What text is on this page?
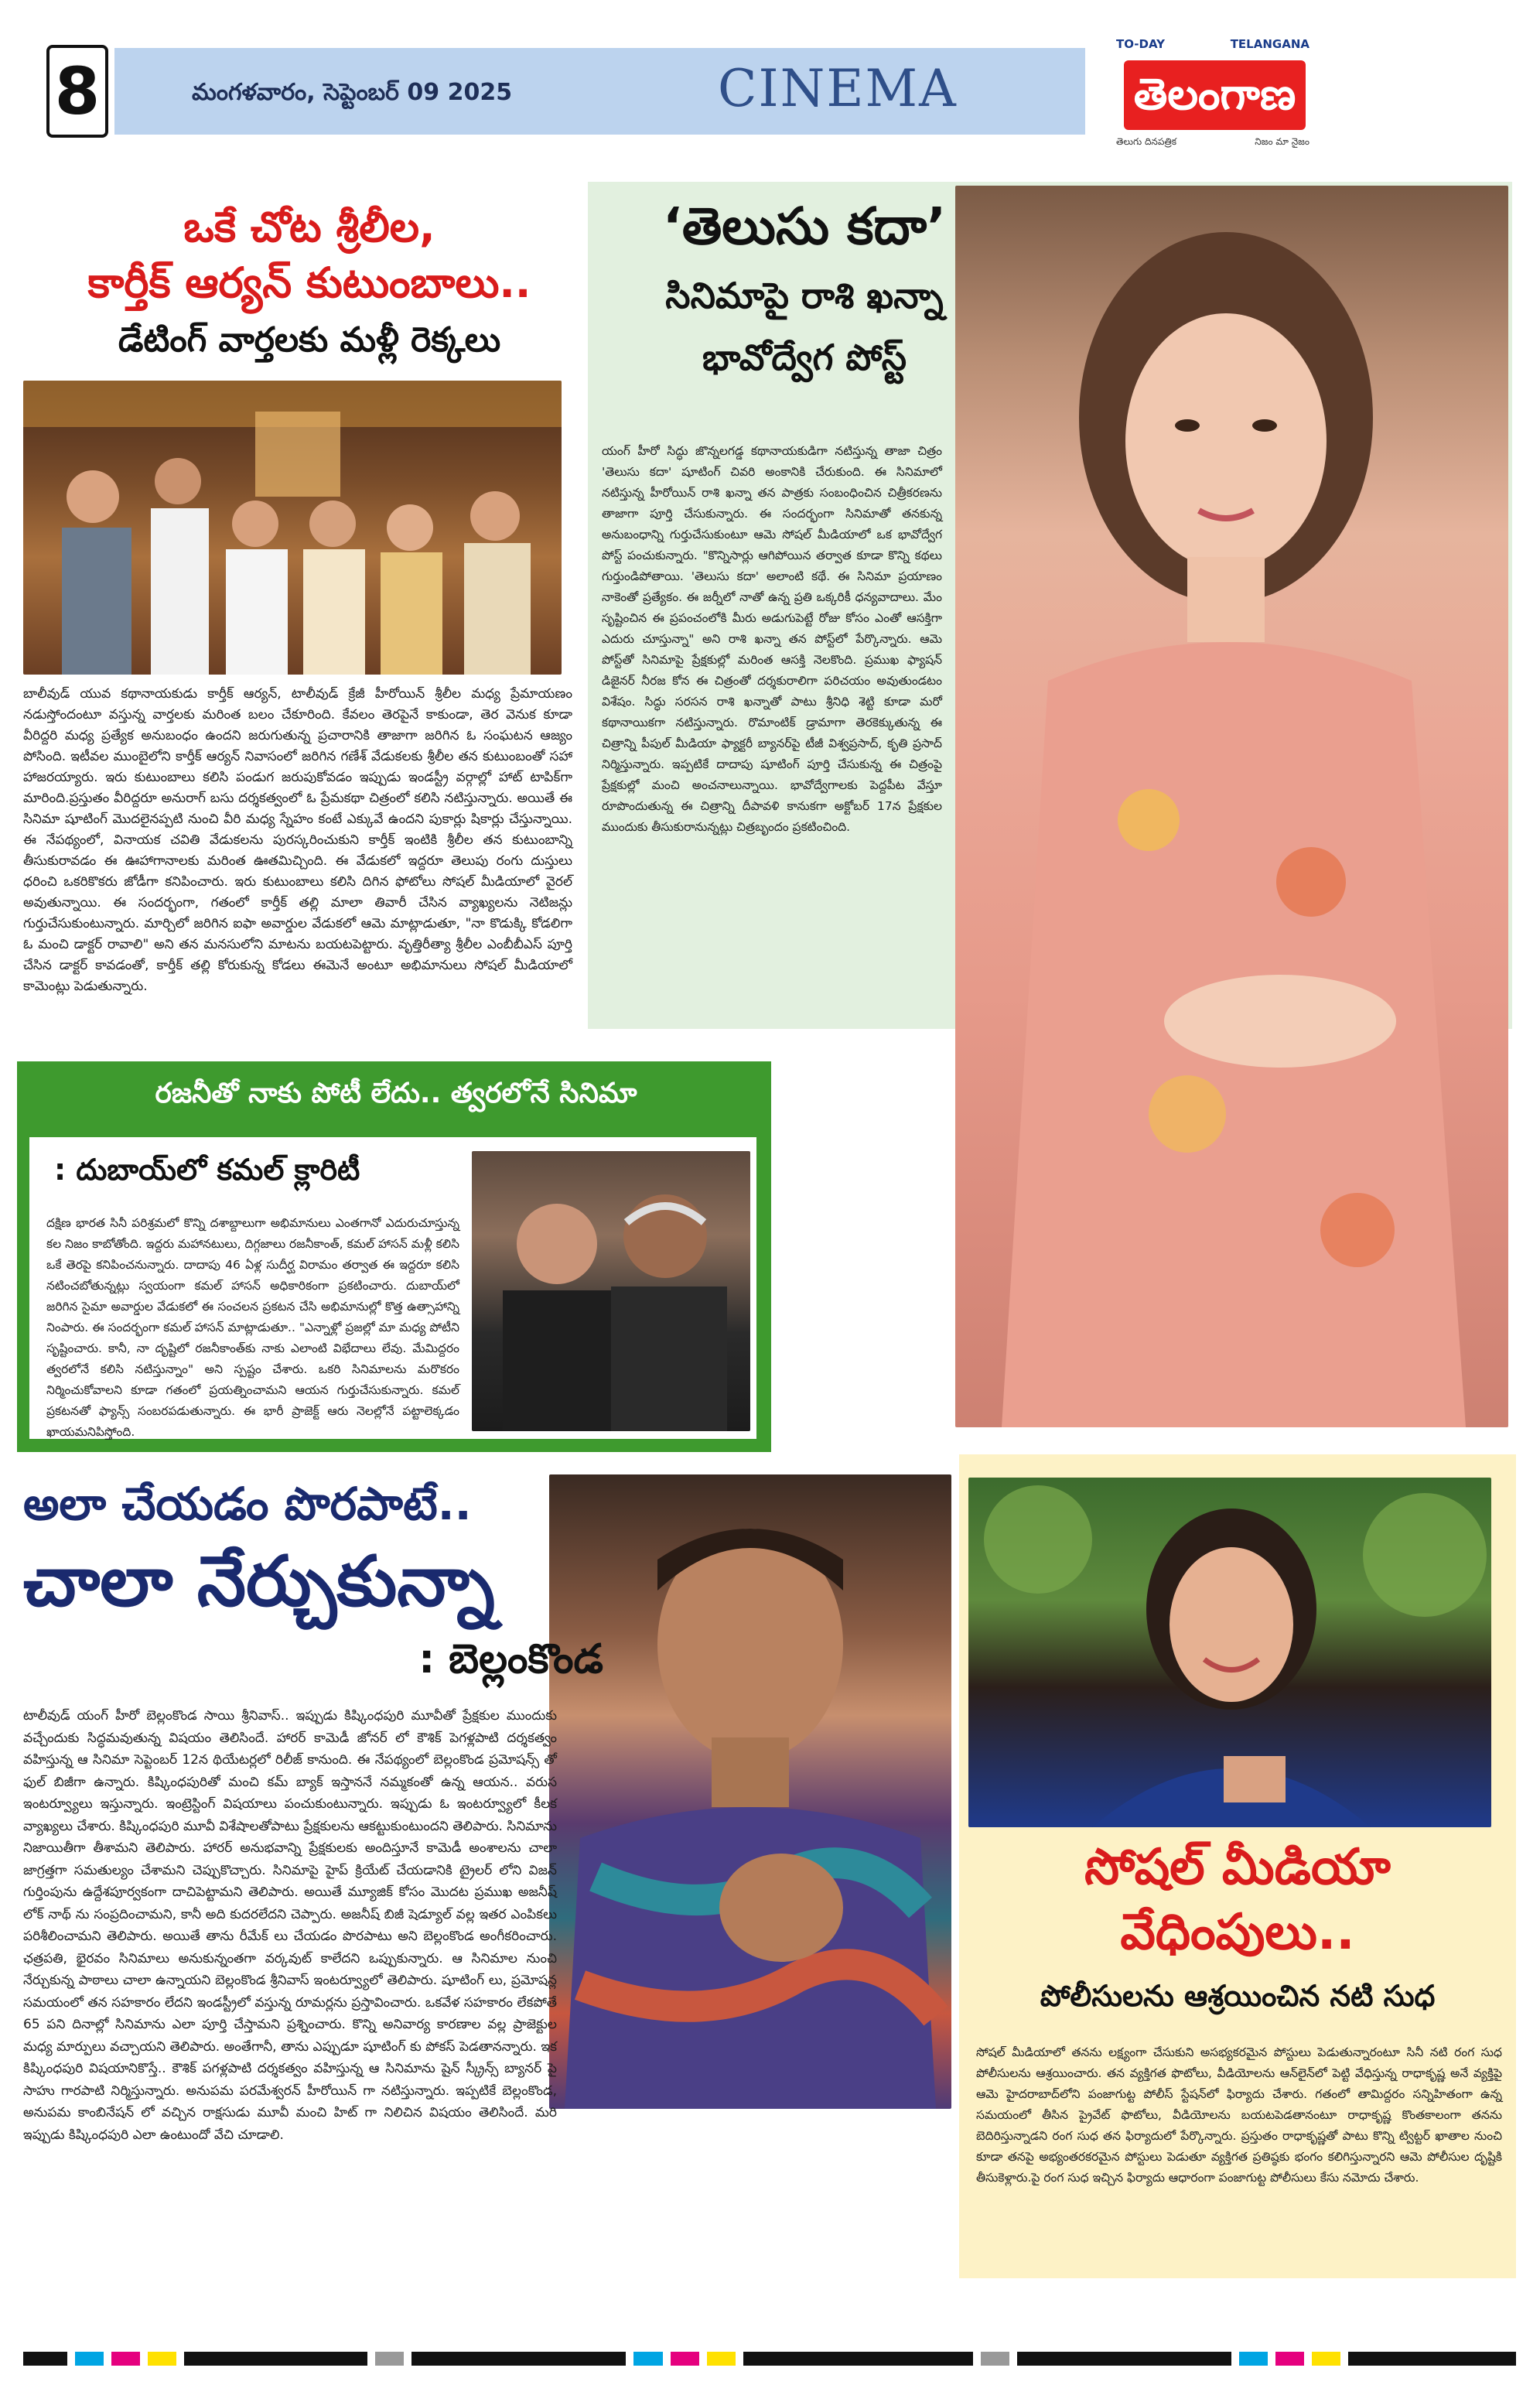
8	మంగళవారం, సెప్టెంబర్ 09 2025	CINEMA
TO-DAY	TELANGANA
తెలంగాణ
తెలుగు దినపత్రిక	నిజం మా నైజం
ఒకే చోట శ్రీలీల,
కార్తీక్ ఆర్యన్ కుటుంబాలు..
డేటింగ్ వార్తలకు మళ్లీ రెక్కలు
బాలీవుడ్ యువ కథానాయకుడు కార్తీక్ ఆర్యన్, టాలీవుడ్ క్రేజీ హీరోయిన్ శ్రీలీల మధ్య ప్రేమాయణం నడుస్తోందంటూ వస్తున్న వార్తలకు మరింత బలం చేకూరింది. కేవలం తెరపైనే కాకుండా, తెర వెనుక కూడా వీరిద్దరి మధ్య ప్రత్యేక అనుబంధం ఉందని జరుగుతున్న ప్రచారానికి తాజాగా జరిగిన ఓ సంఘటన ఆజ్యం పోసింది. ఇటీవల ముంబైలోని కార్తీక్ ఆర్యన్ నివాసంలో జరిగిన గణేశ్ వేడుకలకు శ్రీలీల తన కుటుంబంతో సహా హాజరయ్యారు. ఇరు కుటుంబాలు కలిసి పండుగ జరుపుకోవడం ఇప్పుడు ఇండస్ట్రీ వర్గాల్లో హాట్ టాపిక్‌గా మారింది.ప్రస్తుతం వీరిద్దరూ అనురాగ్ బసు దర్శకత్వంలో ఓ ప్రేమకథా చిత్రంలో కలిసి నటిస్తున్నారు. అయితే ఈ సినిమా షూటింగ్ మొదలైనప్పటి నుంచి వీరి మధ్య స్నేహం కంటే ఎక్కువే ఉందని పుకార్లు షికార్లు చేస్తున్నాయి. ఈ నేపథ్యంలో, వినాయక చవితి వేడుకలను పురస్కరించుకుని కార్తీక్ ఇంటికి శ్రీలీల తన కుటుంబాన్ని తీసుకురావడం ఈ ఊహాగానాలకు మరింత ఊతమిచ్చింది. ఈ వేడుకలో ఇద్దరూ తెలుపు రంగు దుస్తులు ధరించి ఒకరికొకరు జోడీగా కనిపించారు. ఇరు కుటుంబాలు కలిసి దిగిన ఫోటోలు సోషల్ మీడియాలో వైరల్ అవుతున్నాయి. ఈ సందర్భంగా, గతంలో కార్తీక్ తల్లి మాలా తివారీ చేసిన వ్యాఖ్యలను నెటిజన్లు గుర్తుచేసుకుంటున్నారు. మార్చిలో జరిగిన ఐఫా అవార్డుల వేడుకలో ఆమె మాట్లాడుతూ, "నా కొడుక్కి కోడలిగా ఓ మంచి డాక్టర్ రావాలి" అని తన మనసులోని మాటను బయటపెట్టారు. వృత్తిరీత్యా శ్రీలీల ఎంబీబీఎస్ పూర్తి చేసిన డాక్టర్ కావడంతో, కార్తీక్ తల్లి కోరుకున్న కోడలు ఈమెనే అంటూ అభిమానులు సోషల్ మీడియాలో కామెంట్లు పెడుతున్నారు.
‘తెలుసు కదా’
సినిమాపై రాశి ఖన్నా
భావోద్వేగ పోస్ట్
యంగ్ హీరో సిద్ధు జొన్నలగడ్డ కథానాయకుడిగా నటిస్తున్న తాజా చిత్రం 'తెలుసు కదా' షూటింగ్ చివరి అంకానికి చేరుకుంది. ఈ సినిమాలో నటిస్తున్న హీరోయిన్ రాశి ఖన్నా తన పాత్రకు సంబంధించిన చిత్రీకరణను తాజాగా పూర్తి చేసుకున్నారు. ఈ సందర్భంగా సినిమాతో తనకున్న అనుబంధాన్ని గుర్తుచేసుకుంటూ ఆమె సోషల్ మీడియాలో ఒక భావోద్వేగ పోస్ట్ పంచుకున్నారు. "కొన్నిసార్లు ఆగిపోయిన తర్వాత కూడా కొన్ని కథలు గుర్తుండిపోతాయి. 'తెలుసు కదా' అలాంటి కథే. ఈ సినిమా ప్రయాణం నాకెంతో ప్రత్యేకం. ఈ జర్నీలో నాతో ఉన్న ప్రతి ఒక్కరికీ ధన్యవాదాలు. మేం సృష్టించిన ఈ ప్రపంచంలోకి మీరు అడుగుపెట్టే రోజు కోసం ఎంతో ఆసక్తిగా ఎదురు చూస్తున్నా" అని రాశి ఖన్నా తన పోస్ట్‌లో పేర్కొన్నారు. ఆమె పోస్ట్‌తో సినిమాపై ప్రేక్షకుల్లో మరింత ఆసక్తి నెలకొంది. ప్రముఖ ఫ్యాషన్ డిజైనర్ నీరజ కోన ఈ చిత్రంతో దర్శకురాలిగా పరిచయం అవుతుండటం విశేషం. సిద్ధు సరసన రాశి ఖన్నాతో పాటు శ్రీనిధి శెట్టి కూడా మరో కథానాయికగా నటిస్తున్నారు. రొమాంటిక్ డ్రామాగా తెరకెక్కుతున్న ఈ చిత్రాన్ని పీపుల్ మీడియా ఫ్యాక్టరీ బ్యానర్‌పై టీజీ విశ్వప్రసాద్, కృతి ప్రసాద్ నిర్మిస్తున్నారు. ఇప్పటికే దాదాపు షూటింగ్ పూర్తి చేసుకున్న ఈ చిత్రంపై ప్రేక్షకుల్లో మంచి అంచనాలున్నాయి. భావోద్వేగాలకు పెద్దపీట వేస్తూ రూపొందుతున్న ఈ చిత్రాన్ని దీపావళి కానుకగా అక్టోబర్ 17న ప్రేక్షకుల ముందుకు తీసుకురానున్నట్లు చిత్రబృందం ప్రకటించింది.
రజనీతో నాకు పోటీ లేదు.. త్వరలోనే సినిమా
: దుబాయ్‌లో కమల్ క్లారిటీ
దక్షిణ భారత సినీ పరిశ్రమలో కొన్ని దశాబ్దాలుగా అభిమానులు ఎంతగానో ఎదురుచూస్తున్న కల నిజం కాబోతోంది. ఇద్దరు మహానటులు, దిగ్గజాలు రజనీకాంత్, కమల్ హాసన్ మళ్లీ కలిసి ఒకే తెరపై కనిపించనున్నారు. దాదాపు 46 ఏళ్ల సుదీర్ఘ విరామం తర్వాత ఈ ఇద్దరూ కలిసి నటించబోతున్నట్లు స్వయంగా కమల్ హాసన్ అధికారికంగా ప్రకటించారు. దుబాయ్‌లో జరిగిన సైమా అవార్డుల వేడుకలో ఈ సంచలన ప్రకటన చేసి అభిమానుల్లో కొత్త ఉత్సాహాన్ని నింపారు. ఈ సందర్భంగా కమల్ హాసన్ మాట్లాడుతూ.. "ఎన్నాళ్లో ప్రజల్లో మా మధ్య పోటీని సృష్టించారు. కానీ, నా దృష్టిలో రజనీకాంత్‌కు నాకు ఎలాంటి విభేదాలు లేవు. మేమిద్దరం త్వరలోనే కలిసి నటిస్తున్నాం" అని స్పష్టం చేశారు. ఒకరి సినిమాలను మరొకరం నిర్మించుకోవాలని కూడా గతంలో ప్రయత్నించామని ఆయన గుర్తుచేసుకున్నారు. కమల్ ప్రకటనతో ఫ్యాన్స్ సంబరపడుతున్నారు. ఈ భారీ ప్రాజెక్ట్ ఆరు నెలల్లోనే పట్టాలెక్కడం ఖాయమనిపిస్తోంది.
అలా చేయడం పొరపాటే..
చాలా నేర్చుకున్నా
: బెల్లంకొండ
టాలీవుడ్ యంగ్ హీరో బెల్లంకొండ సాయి శ్రీనివాస్.. ఇప్పుడు కిష్కింధపురి మూవీతో ప్రేక్షకుల ముందుకు వచ్చేందుకు సిద్ధమవుతున్న విషయం తెలిసిందే. హారర్ కామెడీ జోనర్ లో కౌశిక్ పెగళ్లపాటి దర్శకత్వం వహిస్తున్న ఆ సినిమా సెప్టెంబర్ 12న థియేటర్లలో రిలీజ్ కానుంది. ఈ నేపథ్యంలో బెల్లంకొండ ప్రమోషన్స్ తో ఫుల్ బిజీగా ఉన్నారు. కిష్కింధపురితో మంచి కమ్ బ్యాక్ ఇస్తాననే నమ్మకంతో ఉన్న ఆయన.. వరుస ఇంటర్వ్యూలు ఇస్తున్నారు. ఇంట్రెస్టింగ్ విషయాలు పంచుకుంటున్నారు. ఇప్పుడు ఓ ఇంటర్వ్యూలో కీలక వ్యాఖ్యలు చేశారు. కిష్కింధపురి మూవీ విశేషాలతోపాటు ప్రేక్షకులను ఆకట్టుకుంటుందని తెలిపారు. సినిమాను నిజాయితీగా తీశామని తెలిపారు. హారర్ అనుభవాన్ని ప్రేక్షకులకు అందిస్తూనే కామెడీ అంశాలను చాలా జాగ్రత్తగా సమతుల్యం చేశామని చెప్పుకొచ్చారు. సినిమాపై హైప్ క్రియేట్ చేయడానికి ట్రైలర్ లోని విజన్ గుర్తింపును ఉద్దేశపూర్వకంగా దాచిపెట్టామని తెలిపారు. అయితే మ్యూజిక్ కోసం మొదట ప్రముఖ అజనీష్ లోక్ నాథ్ ను సంప్రదించామని, కానీ అది కుదరలేదని చెప్పారు. అజనీష్ బిజీ షెడ్యూల్ వల్ల ఇతర ఎంపికలు పరిశీలించామని తెలిపారు. అయితే తాను రీమేక్ లు చేయడం పొరపాటు అని బెల్లంకొండ అంగీకరించారు. ఛత్రపతి, భైరవం సినిమాలు అనుకున్నంతగా వర్కవుట్ కాలేదని ఒప్పుకున్నారు. ఆ సినిమాల నుంచి నేర్చుకున్న పాఠాలు చాలా ఉన్నాయని బెల్లంకొండ శ్రీనివాస్ ఇంటర్వ్యూలో తెలిపారు. షూటింగ్ లు, ప్రమోషన్ల సమయంలో తన సహకారం లేదని ఇండస్ట్రీలో వస్తున్న రూమర్లను ప్రస్తావించారు. ఒకవేళ సహకారం లేకపోతే 65 పని దినాల్లో సినిమాను ఎలా పూర్తి చేస్తామని ప్రశ్నించారు. కొన్ని అనివార్య కారణాల వల్ల ప్రాజెక్టుల మధ్య మార్పులు వచ్చాయని తెలిపారు. అంతేగానీ, తాను ఎప్పుడూ షూటింగ్ కు పోకస్ పెడతానన్నారు. ఇక కిష్కింధపురి విషయానికొస్తే.. కౌశిక్ పగళ్లపాటి దర్శకత్వం వహిస్తున్న ఆ సినిమాను షైన్ స్క్రీన్స్ బ్యానర్ పై సాహు గారపాటి నిర్మిస్తున్నారు. అనుపమ పరమేశ్వరన్ హీరోయిన్ గా నటిస్తున్నారు. ఇప్పటికే బెల్లంకొండ, అనుపమ కాంబినేషన్ లో వచ్చిన రాక్షసుడు మూవీ మంచి హిట్ గా నిలిచిన విషయం తెలిసిందే. మరి ఇప్పుడు కిష్కింధపురి ఎలా ఉంటుందో వేచి చూడాలి.
సోషల్ మీడియా
వేధింపులు..
పోలీసులను ఆశ్రయించిన నటి సుధ
సోషల్ మీడియాలో తనను లక్ష్యంగా చేసుకుని అసభ్యకరమైన పోస్టులు పెడుతున్నారంటూ సినీ నటి రంగ సుధ పోలీసులను ఆశ్రయించారు. తన వ్యక్తిగత ఫొటోలు, వీడియోలను ఆన్‌లైన్‌లో పెట్టి వేధిస్తున్న రాధాకృష్ణ అనే వ్యక్తిపై ఆమె హైదరాబాద్‌లోని పంజాగుట్ట పోలీస్ స్టేషన్‌లో ఫిర్యాదు చేశారు. గతంలో తామిద్దరం సన్నిహితంగా ఉన్న సమయంలో తీసిన ప్రైవేట్ ఫొటోలు, వీడియోలను బయటపెడతానంటూ రాధాకృష్ణ కొంతకాలంగా తనను బెదిరిస్తున్నాడని రంగ సుధ తన ఫిర్యాదులో పేర్కొన్నారు. ప్రస్తుతం రాధాకృష్ణతో పాటు కొన్ని ట్విట్టర్ ఖాతాల నుంచి కూడా తనపై అభ్యంతరకరమైన పోస్టులు పెడుతూ వ్యక్తిగత ప్రతిష్ఠకు భంగం కలిగిస్తున్నారని ఆమె పోలీసుల దృష్టికి తీసుకెళ్లారు.పై రంగ సుధ ఇచ్చిన ఫిర్యాదు ఆధారంగా పంజాగుట్ట పోలీసులు కేసు నమోదు చేశారు.
